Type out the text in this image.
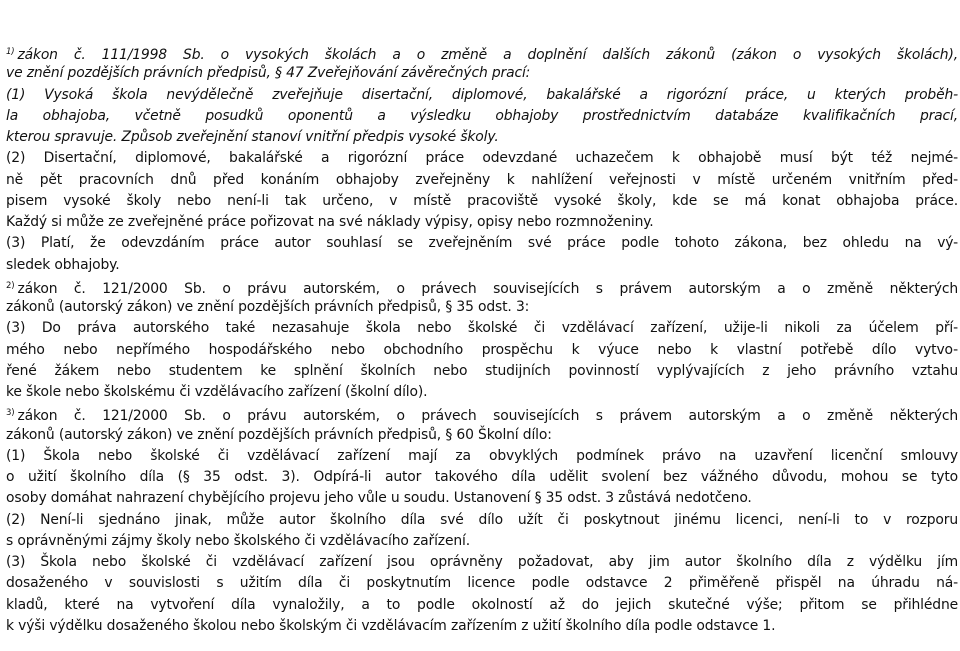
$^{1)}$ zákon č. 111/1998 Sb. o vysokých školách a o změně a doplnění dalších zákonů (zákon o vysokých školách),
ve znění pozdějších právních předpisů, § 47 Zveřejňování závěrečných prací:
(1) Vysoká škola nevýdělečně zveřejňuje disertační, diplomové, bakalářské a rigorózní práce, u kterých proběh-
la obhajoba, včetně posudků oponentů a výsledku obhajoby prostřednictvím databáze kvalifikačních prací,
kterou spravuje. Způsob zveřejnění stanoví vnitřní předpis vysoké školy.
(2) Disertační, diplomové, bakalářské a rigorózní práce odevzdané uchazečem k obhajobě musí být též nejmé-
ně pět pracovních dnů před konáním obhajoby zveřejněny k nahlížení veřejnosti v místě určeném vnitřním před-
pisem vysoké školy nebo není-li tak určeno, v místě pracoviště vysoké školy, kde se má konat obhajoba práce.
Každý si může ze zveřejněné práce pořizovat na své náklady výpisy, opisy nebo rozmnoženiny.
(3) Platí, že odevzdáním práce autor souhlasí se zveřejněním své práce podle tohoto zákona, bez ohledu na vý-
sledek obhajoby.
$^{2)}$ zákon č. 121/2000 Sb. o právu autorském, o právech souvisejících s právem autorským a o změně některých
zákonů (autorský zákon) ve znění pozdějších právních předpisů, § 35 odst. 3:
(3) Do práva autorského také nezasahuje škola nebo školské či vzdělávací zařízení, užije-li nikoli za účelem pří-
mého nebo nepřímého hospodářského nebo obchodního prospěchu k výuce nebo k vlastní potřebě dílo vytvo-
řené žákem nebo studentem ke splnění školních nebo studijních povinností vyplývajících z jeho právního vztahu
ke škole nebo školskému či vzdělávacího zařízení (školní dílo).
$^{3)}$ zákon č. 121/2000 Sb. o právu autorském, o právech souvisejících s právem autorským a o změně některých
zákonů (autorský zákon) ve znění pozdějších právních předpisů, § 60 Školní dílo:
(1) Škola nebo školské či vzdělávací zařízení mají za obvyklých podmínek právo na uzavření licenční smlouvy
o užití školního díla (§ 35 odst. 3). Odpírá-li autor takového díla udělit svolení bez vážného důvodu, mohou se tyto
osoby domáhat nahrazení chybějícího projevu jeho vůle u soudu. Ustanovení § 35 odst. 3 zůstává nedotčeno.
(2) Není-li sjednáno jinak, může autor školního díla své dílo užít či poskytnout jinému licenci, není-li to v rozporu
s oprávněnými zájmy školy nebo školského či vzdělávacího zařízení.
(3) Škola nebo školské či vzdělávací zařízení jsou oprávněny požadovat, aby jim autor školního díla z výdělku jím
dosaženého v souvislosti s užitím díla či poskytnutím licence podle odstavce 2 přiměřeně přispěl na úhradu ná-
kladů, které na vytvoření díla vynaložily, a to podle okolností až do jejich skutečné výše; přitom se přihlédne
k výši výdělku dosaženého školou nebo školským či vzdělávacím zařízením z užití školního díla podle odstavce 1.
